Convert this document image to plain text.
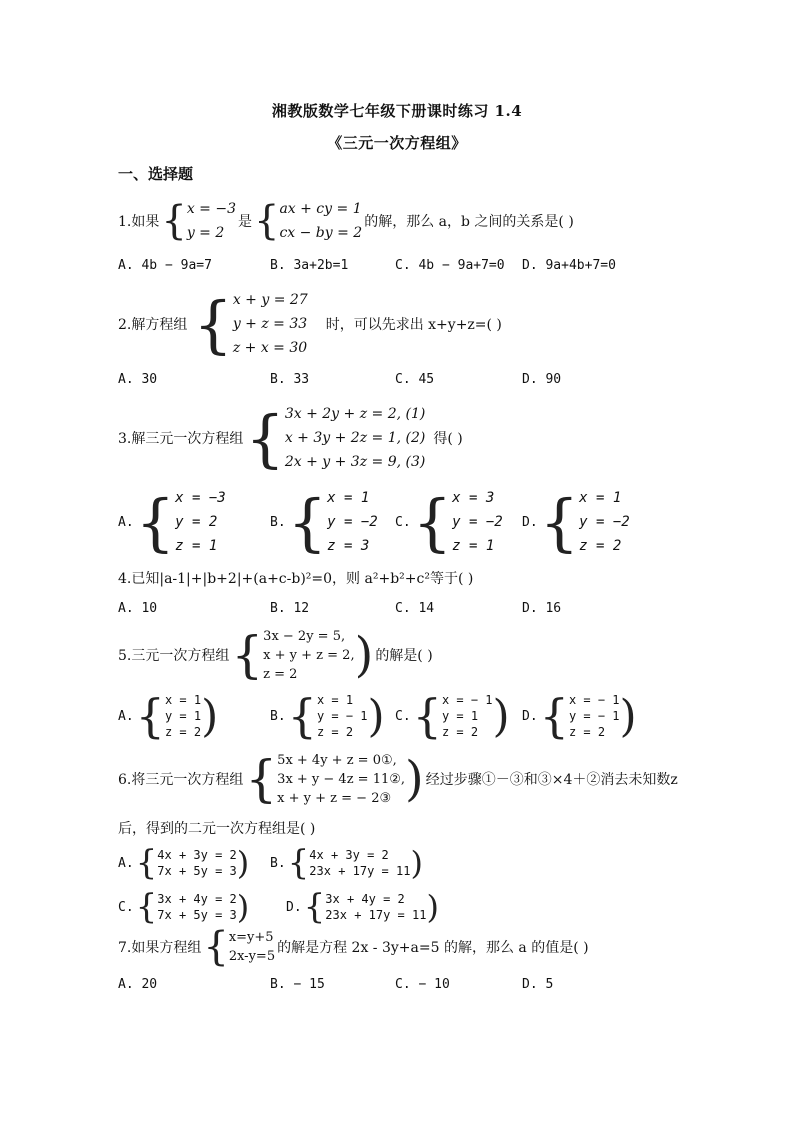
湘教版数学七年级下册课时练习 1.4
《三元一次方程组》
一、选择题
1.如果 { x = −3
y = 2
是 { ax + cy = 1
cx − by = 2
的解，那么 a，b 之间的关系是( )
A. 4b − 9a=7	B. 3a+2b=1	C. 4b − 9a+7=0 D. 9a+4b+7=0
2.解方程组 { x + y = 27
y + z = 33
z + x = 30
时，可以先求出 x+y+z=( )
A. 30	B. 33	C. 45	D. 90
3.解三元一次方程组 { 3x + 2y + z = 2, (1)
x + 3y + 2z = 1, (2)
2x + y + 3z = 9, (3)
得( )
A. { x = −3
y = 2
z = 1
B. { x = 1
y = −2
z = 3
C. { x = 3
y = −2
z = 1
D. { x = 1
y = −2
z = 2
4.已知|a-1|+|b+2|+(a+c-b)²=0，则 a²+b²+c²等于( )
A. 10	B. 12	C. 14	D. 16
5.三元一次方程组 { 3x − 2y = 5,
x + y + z = 2,
z = 2	) 的解是( )
A. { x = 1
y = 1
z = 2 )	B. { x = 1
y = − 1
z = 2 ) C. { x = − 1
y = 1
z = 2 ) D. { x = − 1
y = − 1
z = 2 )
6.将三元一次方程组 { 5x + 4y + z = 0①,
3x + y − 4z = 11②,
x + y + z = − 2③ ) 经过步骤①－③和③×4＋②消去未知数z
后，得到的二元一次方程组是( )
A. { 4x + 3y = 2
7x + 5y = 3 ) B. { 4x + 3y = 2
23x + 17y = 11 )
C. { 3x + 4y = 2
7x + 5y = 3 )	D. { 3x + 4y = 2
23x + 17y = 11 )
7.如果方程组 { x=y+5
2x-y=5
的解是方程 2x - 3y+a=5 的解，那么 a 的值是( )
A. 20	B. − 15	C. − 10	D. 5
